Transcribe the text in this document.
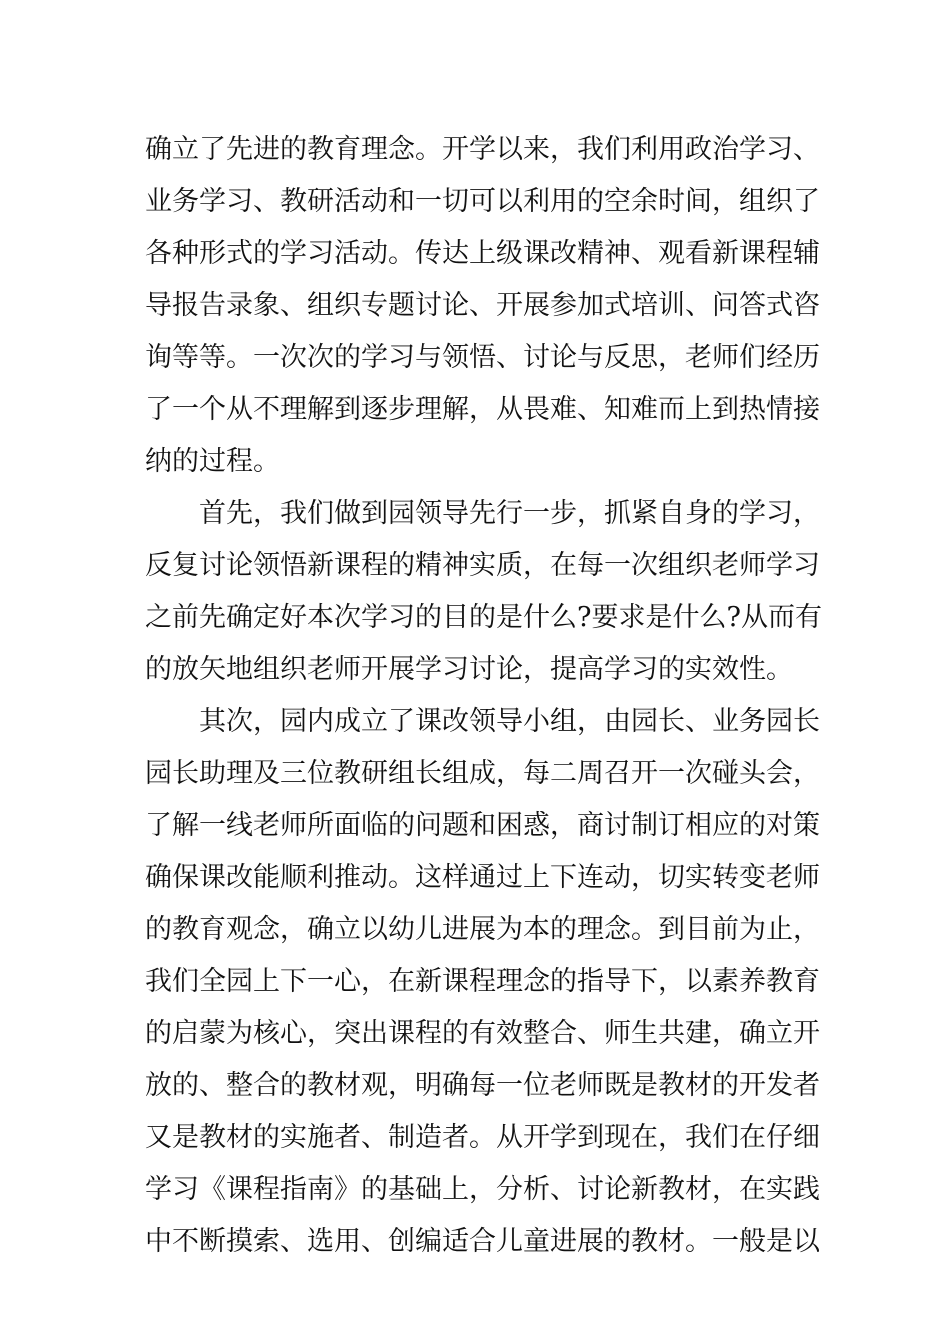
确立了先进的教育理念。开学以来，我们利用政治学习、
业务学习、教研活动和一切可以利用的空余时间，组织了
各种形式的学习活动。传达上级课改精神、观看新课程辅
导报告录象、组织专题讨论、开展参加式培训、问答式咨
询等等。一次次的学习与领悟、讨论与反思，老师们经历
了一个从不理解到逐步理解，从畏难、知难而上到热情接
纳的过程。
首先，我们做到园领导先行一步，抓紧自身的学习，
反复讨论领悟新课程的精神实质，在每一次组织老师学习
之前先确定好本次学习的目的是什么?要求是什么?从而有
的放矢地组织老师开展学习讨论，提高学习的实效性。
其次，园内成立了课改领导小组，由园长、业务园长
园长助理及三位教研组长组成，每二周召开一次碰头会，
了解一线老师所面临的问题和困惑，商讨制订相应的对策
确保课改能顺利推动。这样通过上下连动，切实转变老师
的教育观念，确立以幼儿进展为本的理念。到目前为止，
我们全园上下一心，在新课程理念的指导下，以素养教育
的启蒙为核心，突出课程的有效整合、师生共建，确立开
放的、整合的教材观，明确每一位老师既是教材的开发者
又是教材的实施者、制造者。从开学到现在，我们在仔细
学习《课程指南》的基础上，分析、讨论新教材，在实践
中不断摸索、选用、创编适合儿童进展的教材。一般是以
